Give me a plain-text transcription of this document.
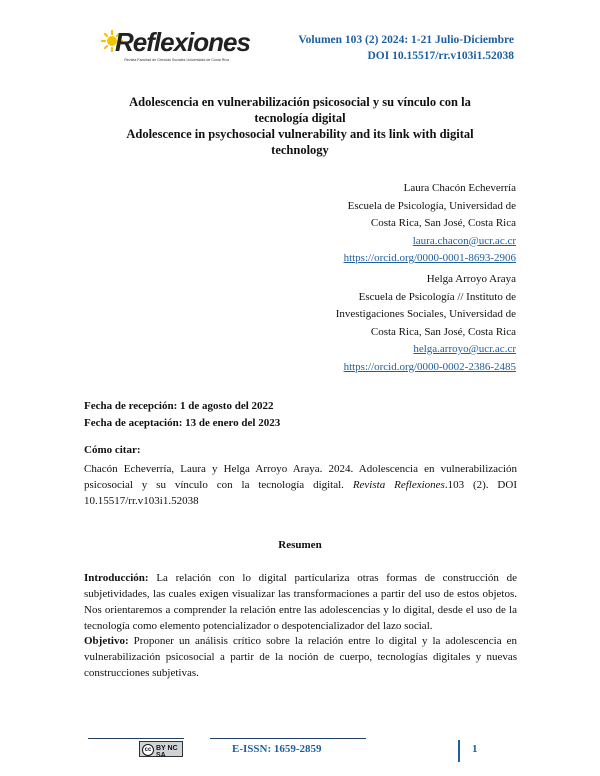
Reflexiones
Revista Facultad de Ciencias Sociales Universidad de Costa Rica
Volumen 103 (2) 2024: 1-21 Julio-Diciembre
DOI 10.15517/rr.v103i1.52038
Adolescencia en vulnerabilización psicosocial y su vínculo con la
tecnología digital
Adolescence in psychosocial vulnerability and its link with digital
technology
Laura Chacón Echeverría
Escuela de Psicología, Universidad de
Costa Rica, San José, Costa Rica
laura.chacon@ucr.ac.cr
https://orcid.org/0000-0001-8693-2906
Helga Arroyo Araya
Escuela de Psicología // Instituto de
Investigaciones Sociales, Universidad de
Costa Rica, San José, Costa Rica
helga.arroyo@ucr.ac.cr
https://orcid.org/0000-0002-2386-2485
Fecha de recepción: 1 de agosto del 2022
Fecha de aceptación: 13 de enero del 2023
Cómo citar:
Chacón Echeverría, Laura y Helga Arroyo Araya. 2024. Adolescencia en vulnerabilización psicosocial y su vínculo con la tecnología digital. Revista Reflexiones.103 (2). DOI 10.15517/rr.v103i1.52038
Resumen
Introducción: La relación con lo digital particulariza otras formas de construcción de subjetividades, las cuales exigen visualizar las transformaciones a partir del uso de estos objetos. Nos orientaremos a comprender la relación entre las adolescencias y lo digital, desde el uso de la tecnología como elemento potencializador o despotencializador del lazo social.
Objetivo: Proponer un análisis crítico sobre la relación entre lo digital y la adolescencia en vulnerabilización psicosocial a partir de la noción de cuerpo, tecnologías digitales y nuevas construcciones subjetivas.
cc BY NC SA
E-ISSN: 1659-2859	1
